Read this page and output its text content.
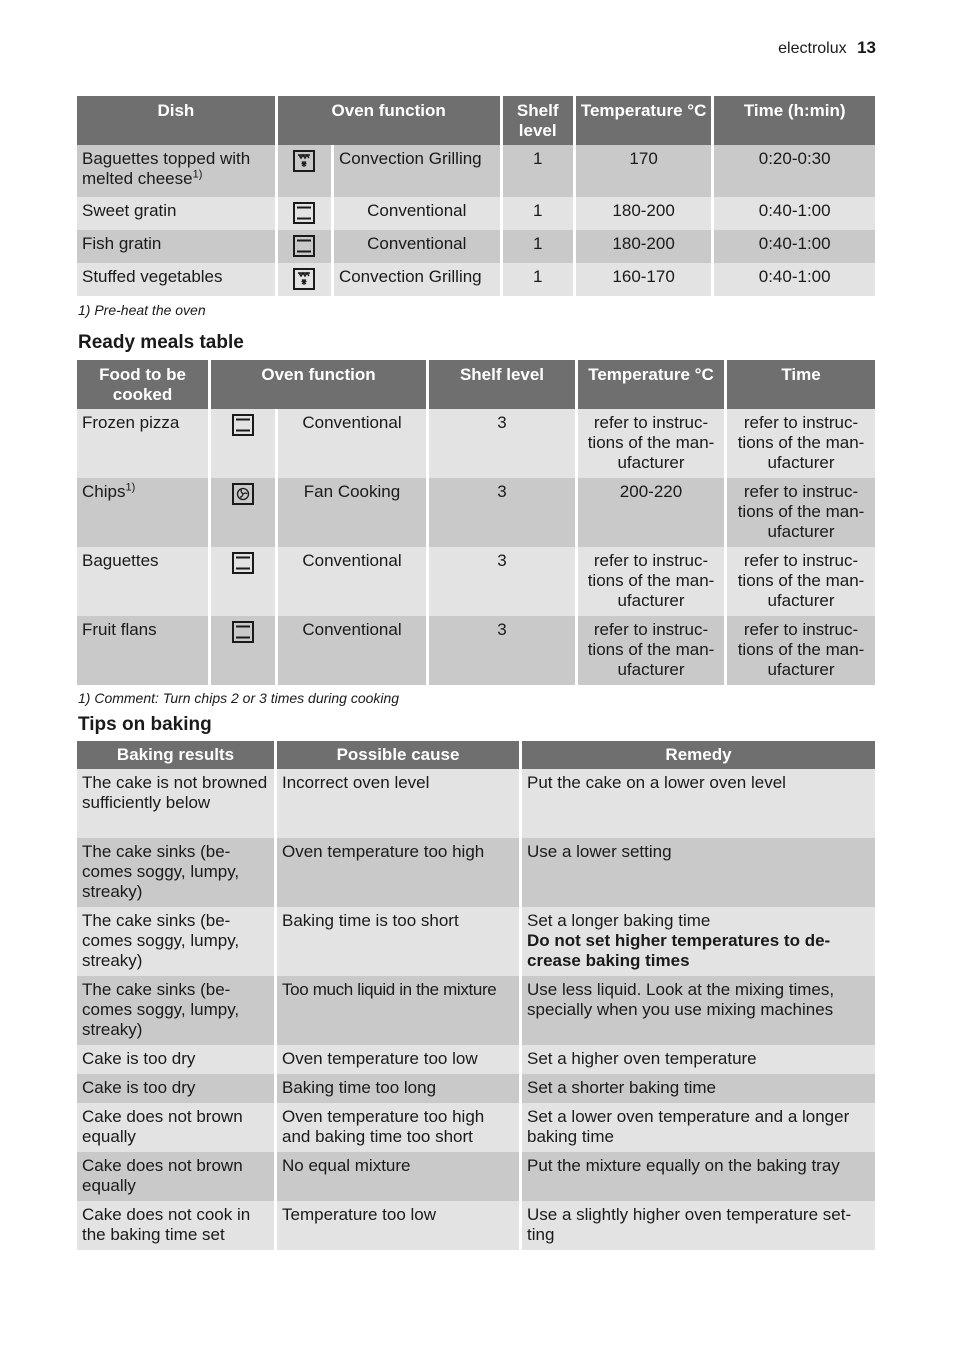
electrolux 13
Dish	Oven function		Shelf level	Temperature °C	Time (h:min)
Baguettes topped with melted cheese$^{1)}$		Convection Grilling	1	170	0:20-0:30
Sweet gratin		Conventional	1	180-200	0:40-1:00
Fish gratin		Conventional	1	180-200	0:40-1:00
Stuffed vegetables		Convection Grilling	1	160-170	0:40-1:00
1) Pre-heat the oven
Ready meals table
Food to be cooked	Oven function		Shelf level	Temperature °C	Time
Frozen pizza		Conventional	3	refer to instruc-tions of the man-ufacturer	refer to instruc-tions of the man-ufacturer
Chips$^{1)}$		Fan Cooking	3	200-220	refer to instruc-tions of the man-ufacturer
Baguettes		Conventional	3	refer to instruc-tions of the man-ufacturer	refer to instruc-tions of the man-ufacturer
Fruit flans		Conventional	3	refer to instruc-tions of the man-ufacturer	refer to instruc-tions of the man-ufacturer
1) Comment: Turn chips 2 or 3 times during cooking
Tips on baking
Baking results	Possible cause	Remedy
The cake is not browned sufficiently below	Incorrect oven level	Put the cake on a lower oven level
The cake sinks (be-comes soggy, lumpy, streaky)	Oven temperature too high	Use a lower setting
The cake sinks (be-comes soggy, lumpy, streaky)	Baking time is too short	Set a longer baking time
Do not set higher temperatures to de-crease baking times

The cake sinks (be-comes soggy, lumpy, streaky)	Too much liquid in the mixture	Use less liquid. Look at the mixing times, specially when you use mixing machines
Cake is too dry	Oven temperature too low	Set a higher oven temperature
Cake is too dry	Baking time too long	Set a shorter baking time
Cake does not brown equally	Oven temperature too high and baking time too short	Set a lower oven temperature and a longer baking time
Cake does not brown equally	No equal mixture	Put the mixture equally on the baking tray
Cake does not cook in the baking time set	Temperature too low	Use a slightly higher oven temperature set-ting
